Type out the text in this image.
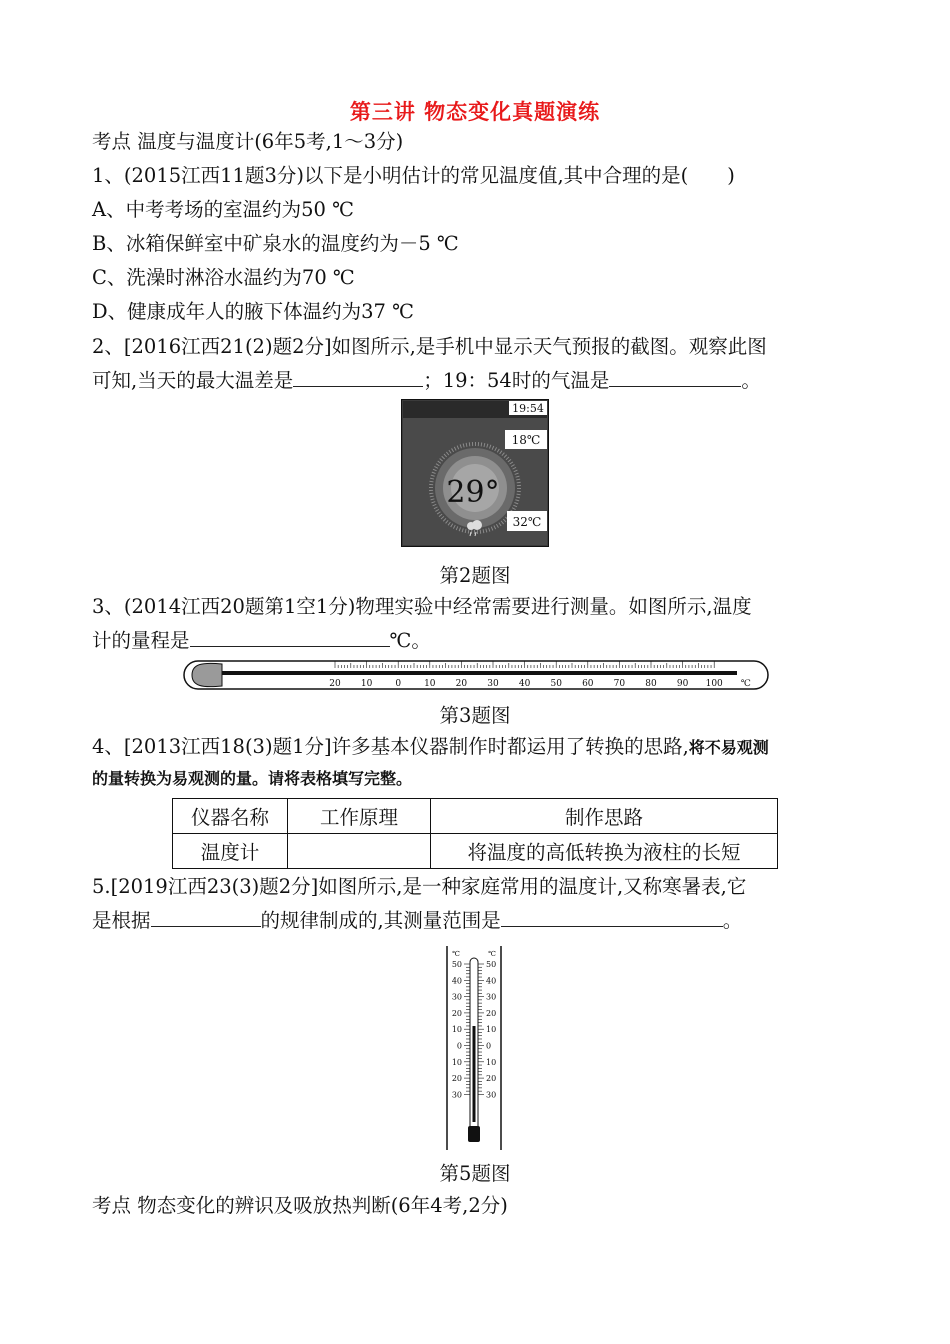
第三讲 物态变化真题演练
考点 温度与温度计(6年5考,1～3分)
1、(2015江西11题3分)以下是小明估计的常见温度值,其中合理的是(　　)
A、中考考场的室温约为50 ℃
B、冰箱保鲜室中矿泉水的温度约为－5 ℃
C、洗澡时淋浴水温约为70 ℃
D、健康成年人的腋下体温约为37 ℃
2、[2016江西21(2)题2分]如图所示,是手机中显示天气预报的截图。观察此图
可知,当天的最大温差是	；19：54时的气温是	。
19:54
18℃
29°
32℃
第2题图
3、(2014江西20题第1空1分)物理实验中经常需要进行测量。如图所示,温度
计的量程是	℃。
20 10	0	10 20 30 40 50 60 70 80 90 100 ℃
第3题图
4、[2013江西18(3)题1分]许多基本仪器制作时都运用了转换的思路,将不易观测
的量转换为易观测的量。请将表格填写完整。
仪器名称	工作原理	制作思路
温度计		将温度的高低转换为液柱的长短
5.[2019江西23(3)题2分]如图所示,是一种家庭常用的温度计,又称寒暑表,它
是根据	的规律制成的,其测量范围是	。
℃	℃
50	50
40	40
30	30
20	20
10	10
0	0
10	10
20	20
30	30
第5题图
考点 物态变化的辨识及吸放热判断(6年4考,2分)
